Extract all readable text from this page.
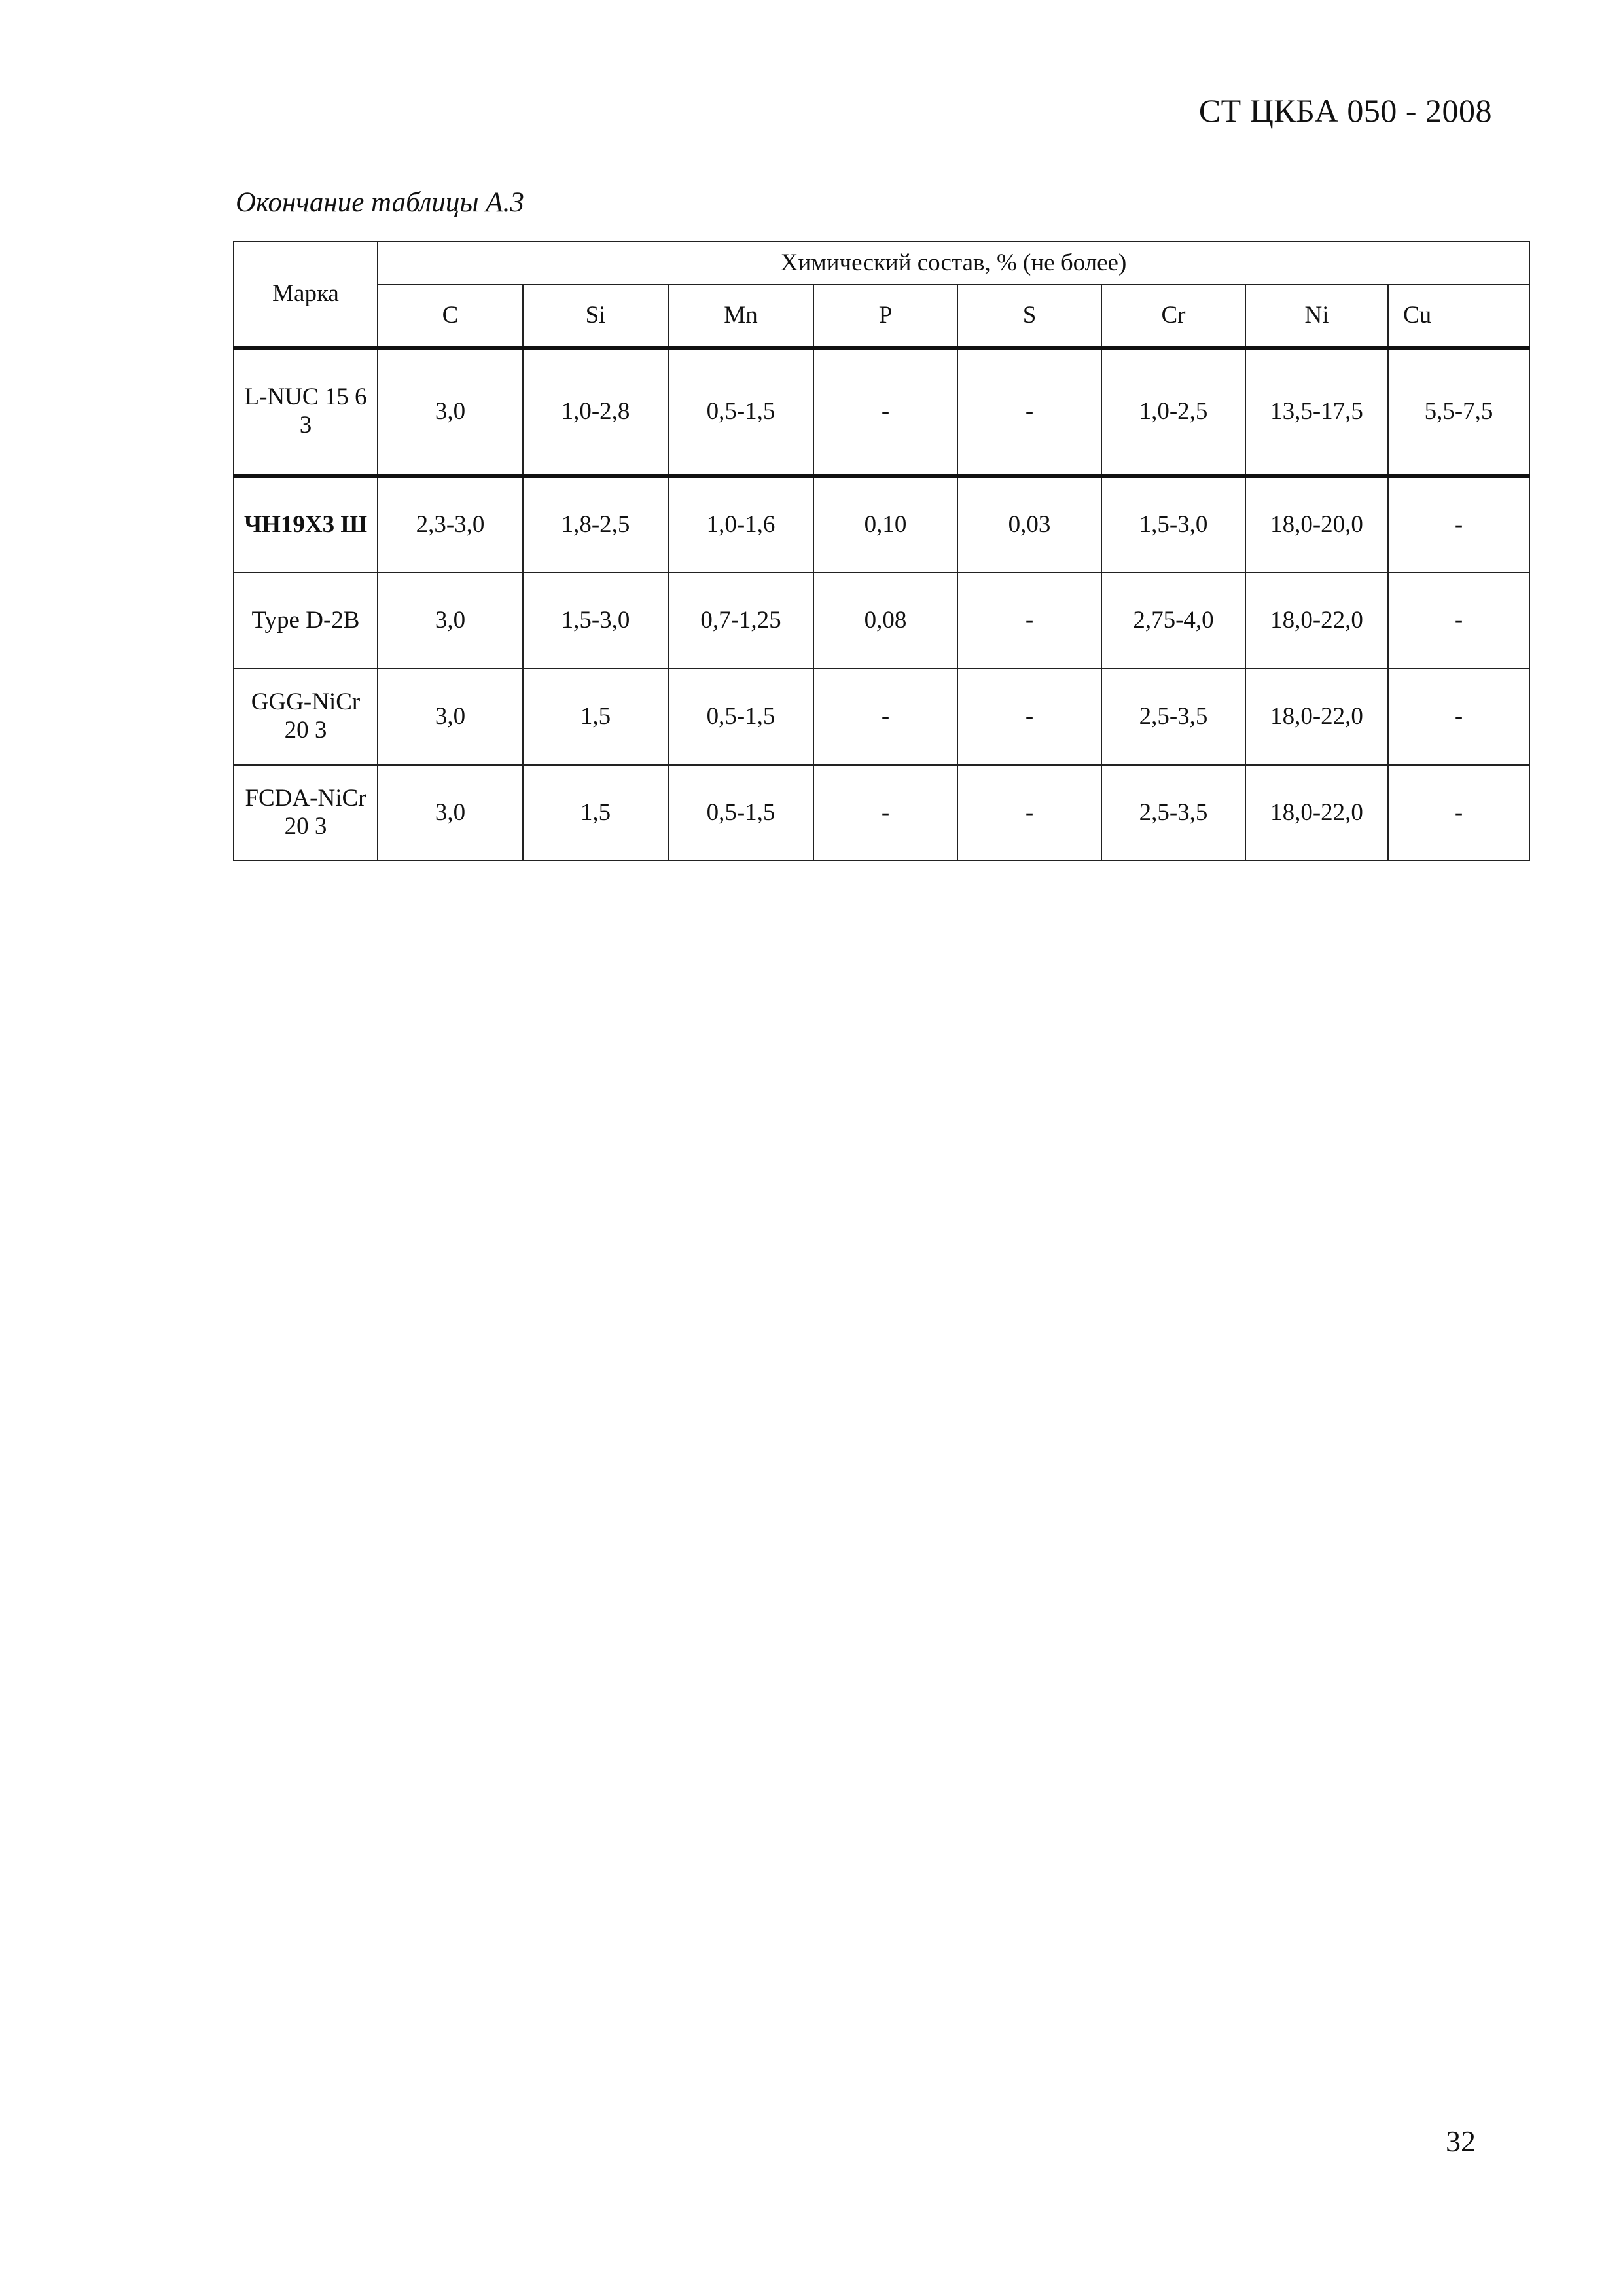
СТ ЦКБА 050 - 2008
Окончание таблицы А.3
Марка	Химический состав, % (не более)							
	C	Si	Mn	P	S	Cr	Ni	Cu
L-NUC 15 6 3	3,0	1,0-2,8	0,5-1,5	-	-	1,0-2,5	13,5-17,5	5,5-7,5
ЧН19Х3 Ш	2,3-3,0	1,8-2,5	1,0-1,6	0,10	0,03	1,5-3,0	18,0-20,0	-
Type D-2B	3,0	1,5-3,0	0,7-1,25	0,08	-	2,75-4,0	18,0-22,0	-
GGG-NiCr 20 3	3,0	1,5	0,5-1,5	-	-	2,5-3,5	18,0-22,0	-
FCDA-NiCr 20 3	3,0	1,5	0,5-1,5	-	-	2,5-3,5	18,0-22,0	-
32
